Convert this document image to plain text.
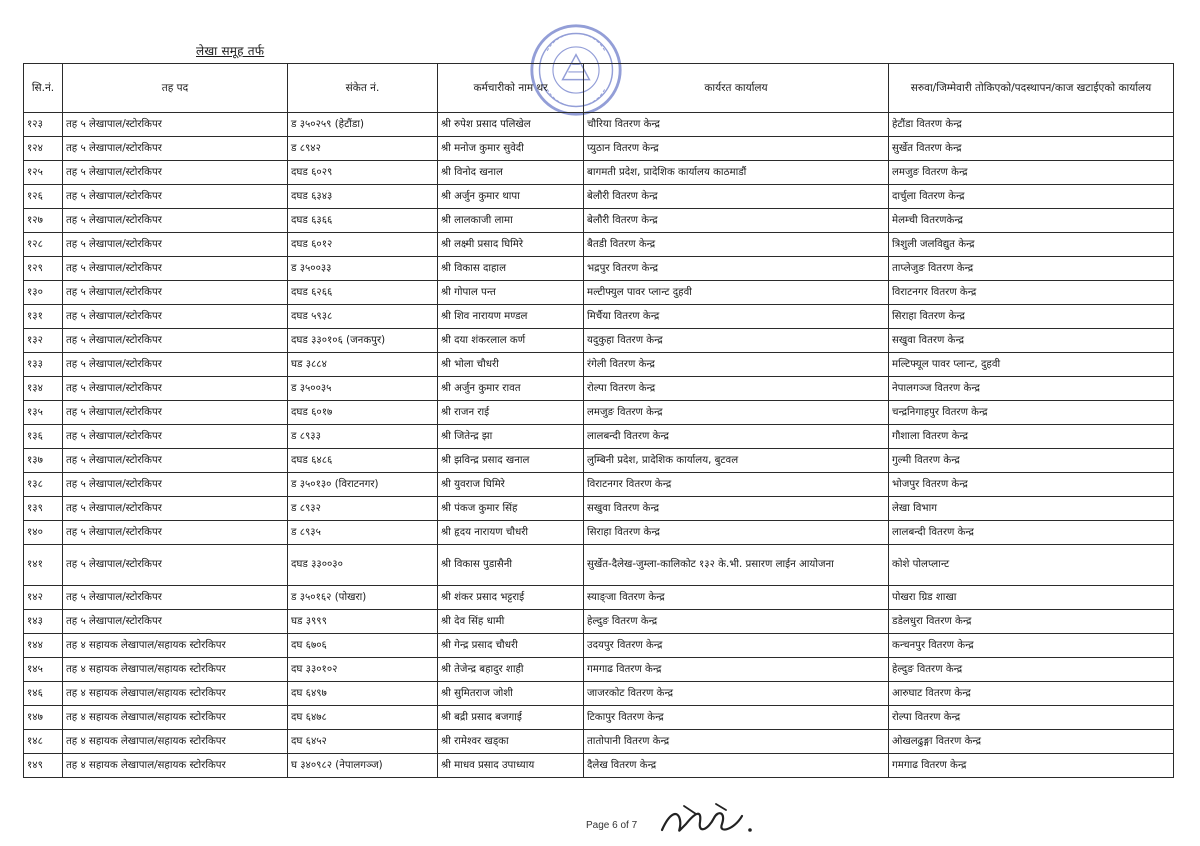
लेखा समूह तर्फ
सि.नं.	तह पद	संकेत नं.	कर्मचारीको नाम थर	कार्यरत कार्यालय	सरुवा/जिम्मेवारी तोकिएको/पदस्थापन/काज खटाईएको कार्यालय
१२३	तह ५ लेखापाल/स्टोरकिपर	ड ३५०२५९ (हेटौंडा)	श्री रुपेश प्रसाद पलिखेल	चौरिया वितरण केन्द्र	हेटौंडा वितरण केन्द्र
१२४	तह ५ लेखापाल/स्टोरकिपर	ड ८९४२	श्री मनोज कुमार सुवेदी	प्युठान वितरण केन्द्र	सुर्खेत वितरण केन्द्र
१२५	तह ५ लेखापाल/स्टोरकिपर	दघड ६०२९	श्री विनोद खनाल	बागमती प्रदेश, प्रादेशिक कार्यालय काठमाडौं	लमजुङ वितरण केन्द्र
१२६	तह ५ लेखापाल/स्टोरकिपर	दघड ६३४३	श्री अर्जुन कुमार थापा	बेलौरी वितरण केन्द्र	दार्चुला वितरण केन्द्र
१२७	तह ५ लेखापाल/स्टोरकिपर	दघड ६३६६	श्री लालकाजी लामा	बेलौरी वितरण केन्द्र	मेलम्ची वितरणकेन्द्र
१२८	तह ५ लेखापाल/स्टोरकिपर	दघड ६०१२	श्री लक्ष्मी प्रसाद घिमिरे	बैतडी वितरण केन्द्र	त्रिशुली जलविद्युत केन्द्र
१२९	तह ५ लेखापाल/स्टोरकिपर	ड ३५००३३	श्री विकास दाहाल	भद्रपुर वितरण केन्द्र	ताप्लेजुङ वितरण केन्द्र
१३०	तह ५ लेखापाल/स्टोरकिपर	दघड ६२६६	श्री गोपाल पन्त	मल्टीफ्युल पावर प्लान्ट दुहवी	विराटनगर वितरण केन्द्र
१३१	तह ५ लेखापाल/स्टोरकिपर	दघड ५९३८	श्री शिव नारायण मण्डल	मिर्चैया वितरण केन्द्र	सिराहा वितरण केन्द्र
१३२	तह ५ लेखापाल/स्टोरकिपर	दघड ३३०१०६ (जनकपुर)	श्री दया शंकरलाल कर्ण	यदुकुहा वितरण केन्द्र	सखुवा वितरण केन्द्र
१३३	तह ५ लेखापाल/स्टोरकिपर	घड ३८८४	श्री भोला चौधरी	रंगेली वितरण केन्द्र	मल्टिफ्यूल पावर प्लान्ट, दुहवी
१३४	तह ५ लेखापाल/स्टोरकिपर	ड ३५००३५	श्री अर्जुन कुमार रावत	रोल्पा वितरण केन्द्र	नेपालगञ्ज वितरण केन्द्र
१३५	तह ५ लेखापाल/स्टोरकिपर	दघड ६०१७	श्री राजन राई	लमजुङ वितरण केन्द्र	चन्द्रनिगाहपुर वितरण केन्द्र
१३६	तह ५ लेखापाल/स्टोरकिपर	ड ८९३३	श्री जितेन्द्र झा	लालबन्दी वितरण केन्द्र	गौशाला वितरण केन्द्र
१३७	तह ५ लेखापाल/स्टोरकिपर	दघड ६४८६	श्री झविन्द्र प्रसाद खनाल	लुम्बिनी प्रदेश, प्रादेशिक कार्यालय, बुटवल	गुल्मी वितरण केन्द्र
१३८	तह ५ लेखापाल/स्टोरकिपर	ड ३५०१३० (विराटनगर)	श्री युवराज घिमिरे	विराटनगर वितरण केन्द्र	भोजपुर वितरण केन्द्र
१३९	तह ५ लेखापाल/स्टोरकिपर	ड ८९३२	श्री पंकज कुमार सिंह	सखुवा वितरण केन्द्र	लेखा विभाग
१४०	तह ५ लेखापाल/स्टोरकिपर	ड ८९३५	श्री हृदय नारायण चौधरी	सिराहा वितरण केन्द्र	लालबन्दी वितरण केन्द्र
१४१	तह ५ लेखापाल/स्टोरकिपर	दघड ३३००३०	श्री विकास पुडासैनी	सुर्खेत-दैलेख-जुम्ला-कालिकोट १३२ के.भी. प्रसारण लाईन आयोजना	कोशे पोलप्लान्ट
१४२	तह ५ लेखापाल/स्टोरकिपर	ड ३५०१६२ (पोखरा)	श्री शंकर प्रसाद भट्टराई	स्याङ्जा वितरण केन्द्र	पोखरा ग्रिड शाखा
१४३	तह ५ लेखापाल/स्टोरकिपर	घड ३९९९	श्री देव सिंह धामी	हेल्दुङ वितरण केन्द्र	डडेलधुरा वितरण केन्द्र
१४४	तह ४ सहायक लेखापाल/सहायक स्टोरकिपर	दघ ६७०६	श्री गेन्द्र प्रसाद चौधरी	उदयपुर वितरण केन्द्र	कन्चनपुर वितरण केन्द्र
१४५	तह ४ सहायक लेखापाल/सहायक स्टोरकिपर	दघ ३३०१०२	श्री तेजेन्द्र बहादुर शाही	गमगाढ वितरण केन्द्र	हेल्दुङ वितरण केन्द्र
१४६	तह ४ सहायक लेखापाल/सहायक स्टोरकिपर	दघ ६४९७	श्री सुमितराज जोशी	जाजरकोट वितरण केन्द्र	आरुघाट वितरण केन्द्र
१४७	तह ४ सहायक लेखापाल/सहायक स्टोरकिपर	दघ ६४७८	श्री बद्री प्रसाद बजगाई	टिकापुर वितरण केन्द्र	रोल्पा वितरण केन्द्र
१४८	तह ४ सहायक लेखापाल/सहायक स्टोरकिपर	दघ ६४५२	श्री रामेश्वर खड्का	तातोपानी वितरण केन्द्र	ओखलढुङ्गा वितरण केन्द्र
१४९	तह ४ सहायक लेखापाल/सहायक स्टोरकिपर	घ ३४०९८२ (नेपालगञ्ज)	श्री माधव प्रसाद उपाध्याय	दैलेख वितरण केन्द्र	गमगाढ वितरण केन्द्र
Page 6 of 7
